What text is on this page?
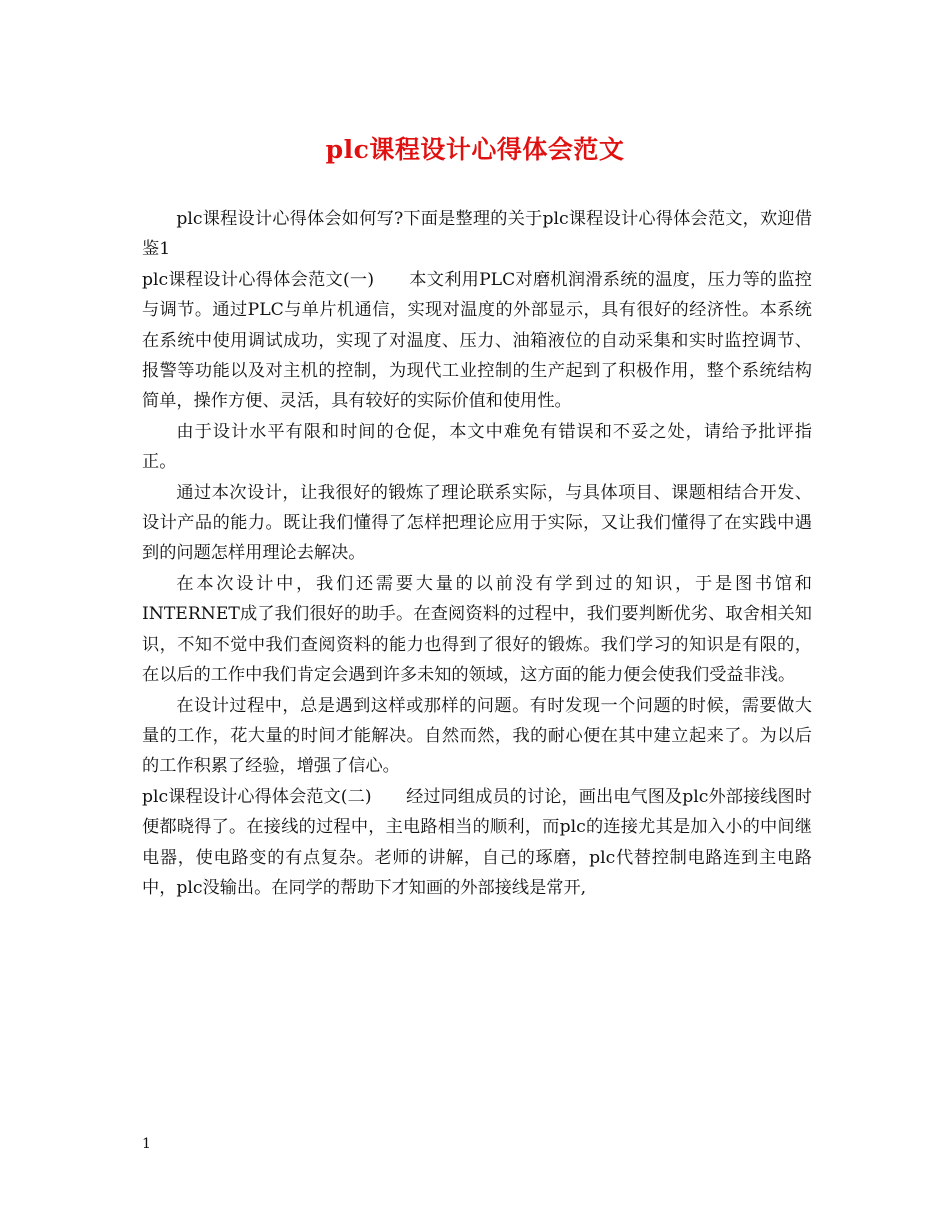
plc课程设计心得体会范文

plc课程设计心得体会如何写?下面是整理的关于plc课程设计心得体会范文，欢迎借鉴1

plc课程设计心得体会范文(一)　　本文利用PLC对磨机润滑系统的温度，压力等的监控与调节。通过PLC与单片机通信，实现对温度的外部显示，具有很好的经济性。本系统在系统中使用调试成功，实现了对温度、压力、油箱液位的自动采集和实时监控调节、报警等功能以及对主机的控制，为现代工业控制的生产起到了积极作用，整个系统结构简单，操作方便、灵活，具有较好的实际价值和使用性。

由于设计水平有限和时间的仓促，本文中难免有错误和不妥之处，请给予批评指正。

通过本次设计，让我很好的锻炼了理论联系实际，与具体项目、课题相结合开发、设计产品的能力。既让我们懂得了怎样把理论应用于实际，又让我们懂得了在实践中遇到的问题怎样用理论去解决。

在本次设计中，我们还需要大量的以前没有学到过的知识，于是图书馆和INTERNET成了我们很好的助手。在查阅资料的过程中，我们要判断优劣、取舍相关知识，不知不觉中我们查阅资料的能力也得到了很好的锻炼。我们学习的知识是有限的，在以后的工作中我们肯定会遇到许多未知的领域，这方面的能力便会使我们受益非浅。

在设计过程中，总是遇到这样或那样的问题。有时发现一个问题的时候，需要做大量的工作，花大量的时间才能解决。自然而然，我的耐心便在其中建立起来了。为以后的工作积累了经验，增强了信心。

plc课程设计心得体会范文(二)　　经过同组成员的讨论，画出电气图及plc外部接线图时便都晓得了。在接线的过程中，主电路相当的顺利，而plc的连接尤其是加入小的中间继电器，使电路变的有点复杂。老师的讲解，自己的琢磨，plc代替控制电路连到主电路中，plc没输出。在同学的帮助下才知画的外部接线是常开,

1
